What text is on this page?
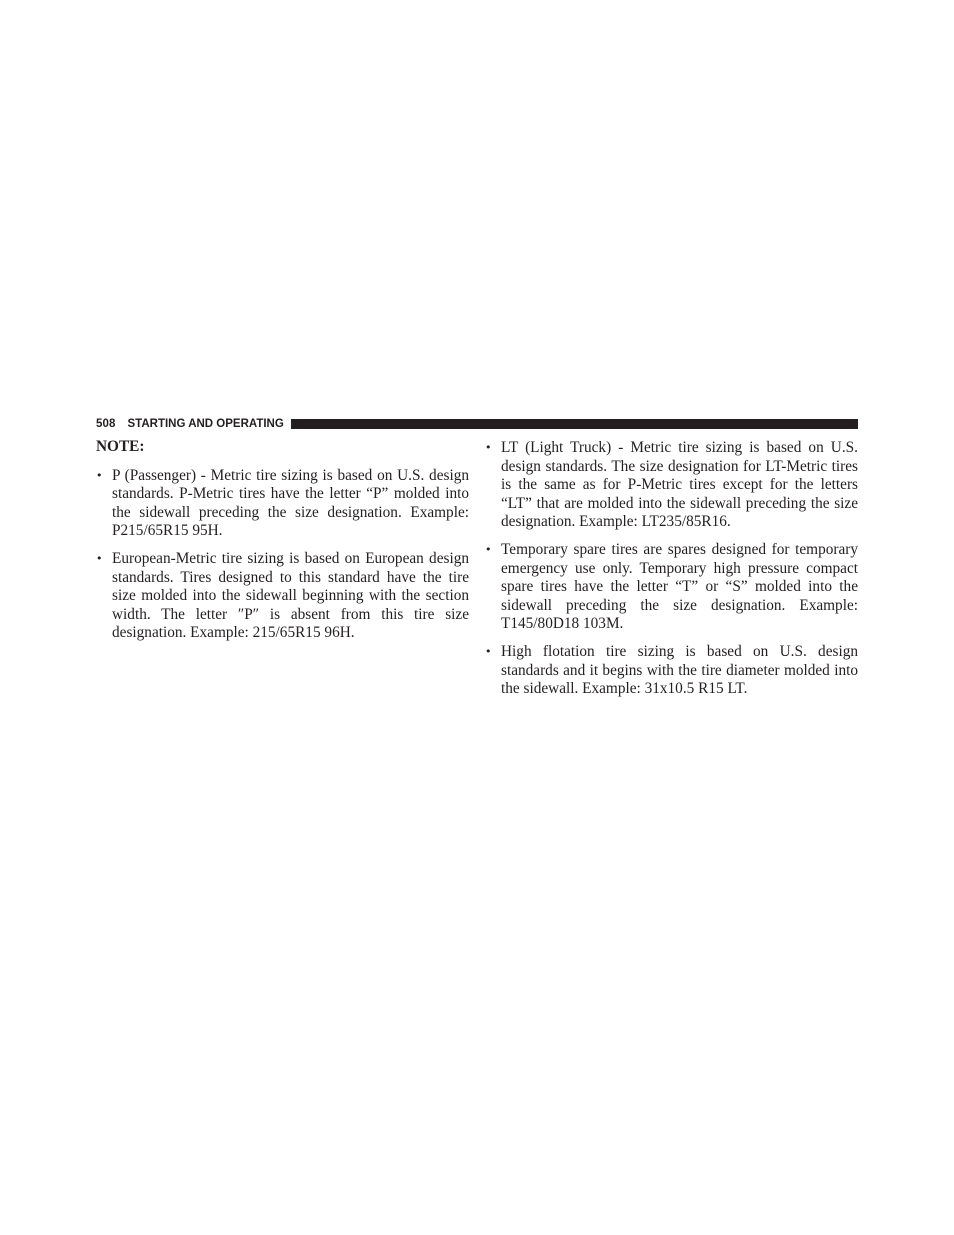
508 STARTING AND OPERATING
NOTE:
• P (Passenger) - Metric tire sizing is based on U.S. design standards. P-Metric tires have the letter “P” molded into the sidewall preceding the size designation. Example: P215/65R15 95H.
• European-Metric tire sizing is based on European design standards. Tires designed to this standard have the tire size molded into the sidewall beginning with the section width. The letter ″P″ is absent from this tire size designation. Example: 215/65R15 96H.
• LT (Light Truck) - Metric tire sizing is based on U.S. design standards. The size designation for LT-Metric tires is the same as for P-Metric tires except for the letters “LT” that are molded into the sidewall preceding the size designation. Example: LT235/85R16.
• Temporary spare tires are spares designed for temporary emergency use only. Temporary high pressure compact spare tires have the letter “T” or “S” molded into the sidewall preceding the size designation. Example: T145/80D18 103M.
• High flotation tire sizing is based on U.S. design standards and it begins with the tire diameter molded into the sidewall. Example: 31x10.5 R15 LT.
